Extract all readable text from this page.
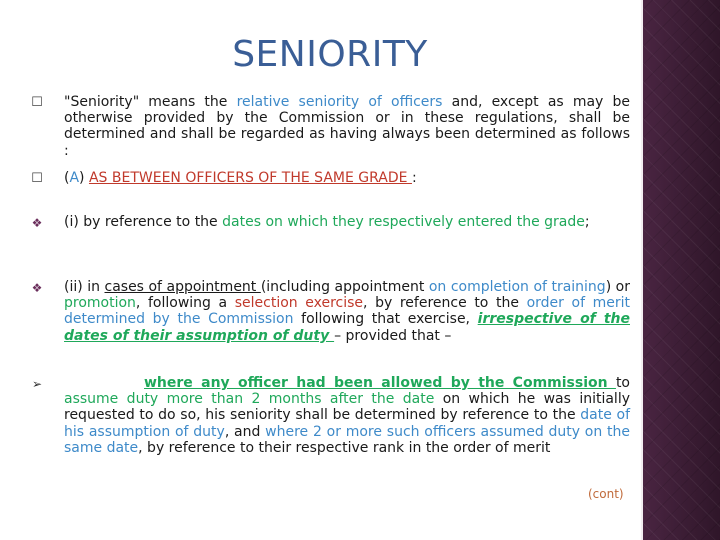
SENIORITY
☐ "Seniority" means the relative seniority of officers and, except as may be otherwise provided by the Commission or in these regulations, shall be determined and shall be regarded as having always been determined as follows :

☐ (A) AS BETWEEN OFFICERS OF THE SAME GRADE :

❖ (i) by reference to the dates on which they respectively entered the grade;

❖ (ii) in cases of appointment (including appointment on completion of training) or promotion, following a selection exercise, by reference to the order of merit determined by the Commission following that exercise, irrespective of the dates of their assumption of duty – provided that –

➢	where any officer had been allowed by the Commission to assume duty more than 2 months after the date on which he was initially requested to do so, his seniority shall be determined by reference to the date of his assumption of duty, and where 2 or more such officers assumed duty on the same date, by reference to their respective rank in the order of merit

(cont)
